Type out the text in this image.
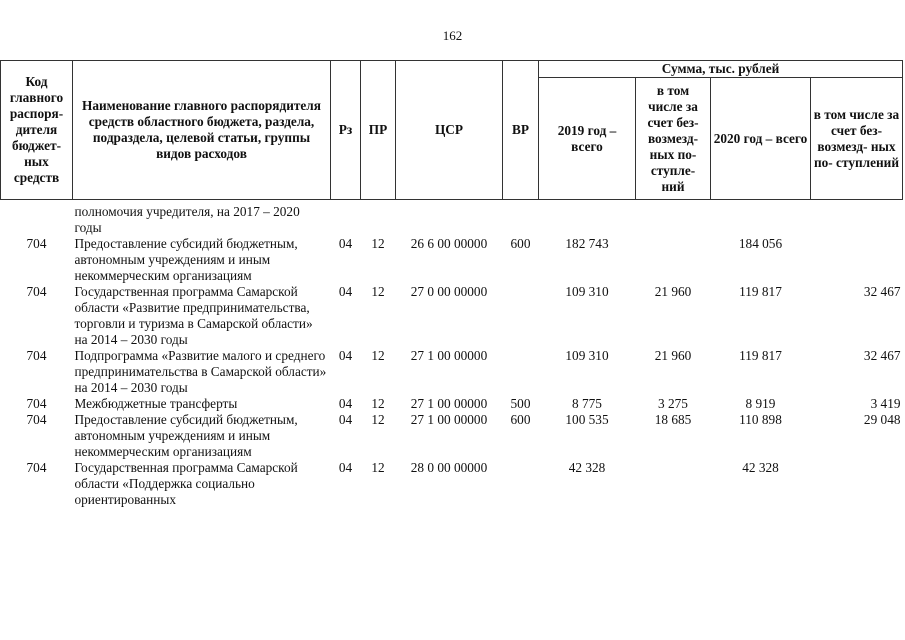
162
Код главного распоря- дителя бюджет- ных средств	Наименование главного распорядителя средств областного бюджета, раздела, подраздела, целевой статьи, группы видов расходов	Рз	ПР	ЦСР	ВР	Сумма, тыс. рублей			
						2019 год – всего	в том числе за счет без- возмезд- ных по- ступле- ний	2020 год – всего	в том числе за счет без- возмезд- ных по- ступлений

	полномочия учредителя, на 2017 – 2020 годы								
704	Предоставление субсидий бюджетным, автономным учреждениям и иным некоммерческим организациям	04	12	26 6 00 00000	600	182 743		184 056	
704	Государственная программа Самарской области «Развитие предпринимательства, торговли и туризма в Самарской области» на 2014 – 2030 годы	04	12	27 0 00 00000		109 310	21 960	119 817	32 467
704	Подпрограмма «Развитие малого и среднего предпринимательства в Самарской области» на 2014 – 2030 годы	04	12	27 1 00 00000		109 310	21 960	119 817	32 467
704	Межбюджетные трансферты	04	12	27 1 00 00000	500	8 775	3 275	8 919	3 419
704	Предоставление субсидий бюджетным, автономным учреждениям и иным некоммерческим организациям	04	12	27 1 00 00000	600	100 535	18 685	110 898	29 048
704	Государственная программа Самарской области «Поддержка социально ориентированных	04	12	28 0 00 00000		42 328		42 328	
